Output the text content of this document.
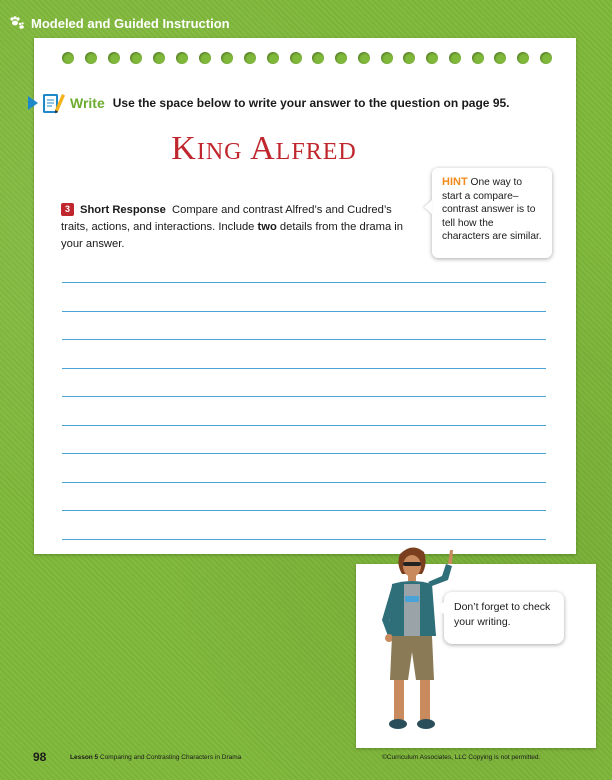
Modeled and Guided Instruction
Write Use the space below to write your answer to the question on page 95.
King Alfred
3 Short Response Compare and contrast Alfred’s and Cudred’s traits, actions, and interactions. Include two details from the drama in your answer.
HINT One way to start a compare–contrast answer is to tell how the characters are similar.
Don’t forget to check your writing.
98	Lesson 5 Comparing and Contrasting Characters in Drama	©Curriculum Associates, LLC Copying is not permitted.
